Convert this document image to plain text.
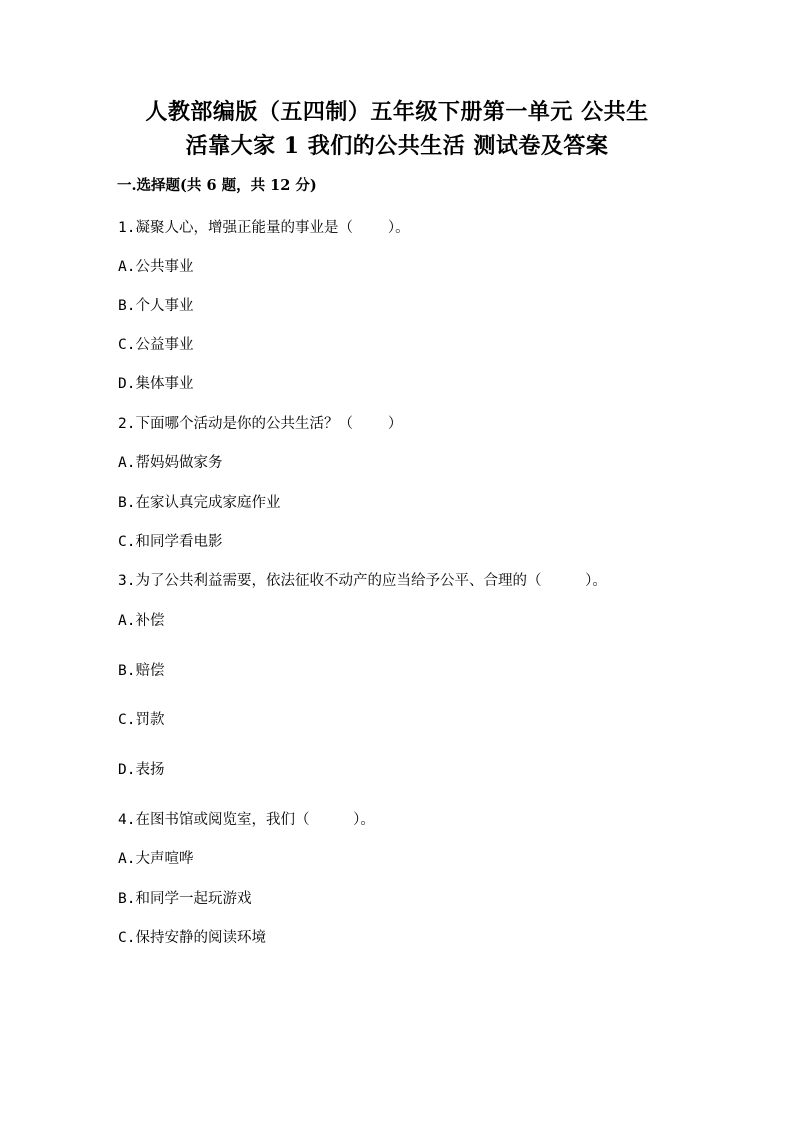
人教部编版（五四制）五年级下册第一单元 公共生
活靠大家 1 我们的公共生活 测试卷及答案
一.选择题(共 6 题，共 12 分)
1.凝聚人心，增强正能量的事业是（    ）。
A.公共事业
B.个人事业
C.公益事业
D.集体事业
2.下面哪个活动是你的公共生活？（    ）
A.帮妈妈做家务
B.在家认真完成家庭作业
C.和同学看电影
3.为了公共利益需要，依法征收不动产的应当给予公平、合理的（     ）。
A.补偿
B.赔偿
C.罚款
D.表扬
4.在图书馆或阅览室，我们（     ）。
A.大声喧哗
B.和同学一起玩游戏
C.保持安静的阅读环境
